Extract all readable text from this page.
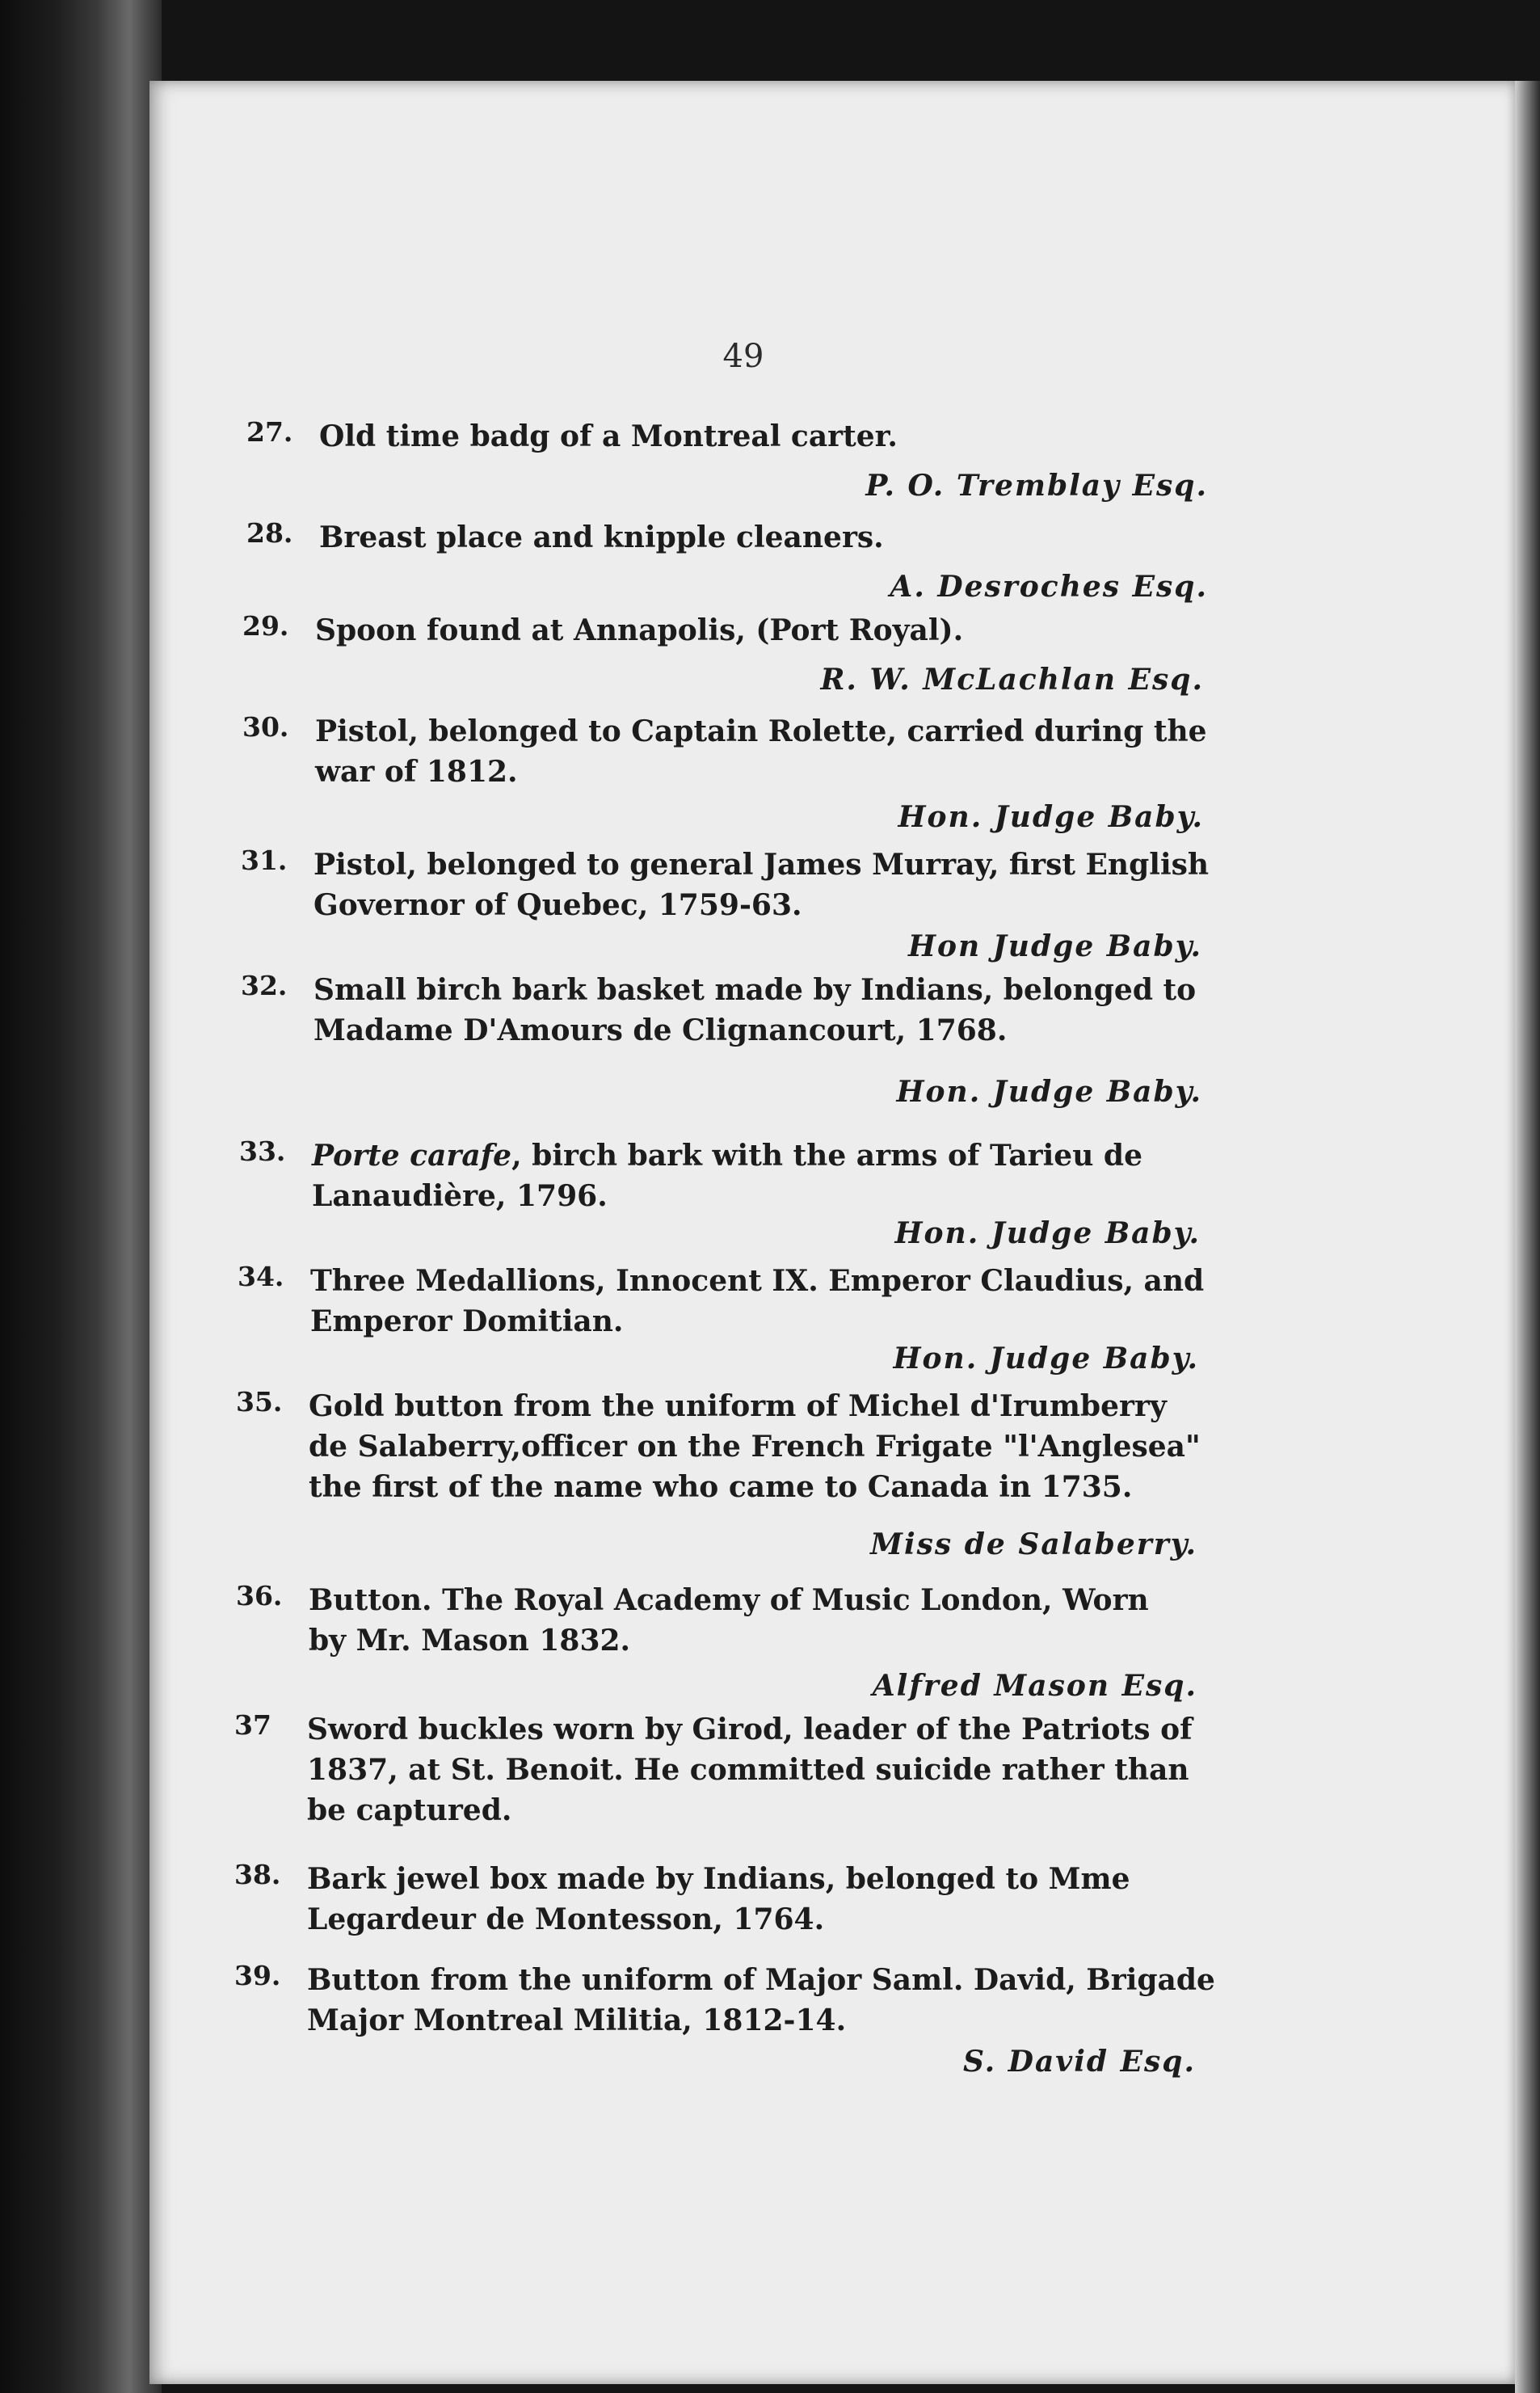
49
27. Old time badg of a Montreal carter.
P. O. Tremblay Esq.
28. Breast place and knipple cleaners.
A. Desroches Esq.
29. Spoon found at Annapolis, (Port Royal).
R. W. McLachlan Esq.
30. Pistol, belonged to Captain Rolette, carried during the
war of 1812.
Hon. Judge Baby.
31. Pistol, belonged to general James Murray, first English
Governor of Quebec, 1759-63.
Hon Judge Baby.
32. Small birch bark basket made by Indians, belonged to
Madame D'Amours de Clignancourt, 1768.
Hon. Judge Baby.
33. Porte carafe, birch bark with the arms of Tarieu de
Lanaudière, 1796.
Hon. Judge Baby.
34. Three Medallions, Innocent IX. Emperor Claudius, and
Emperor Domitian.
Hon. Judge Baby.
35. Gold button from the uniform of Michel d'Irumberry
de Salaberry,officer on the French Frigate "l'Anglesea"
the first of the name who came to Canada in 1735.
Miss de Salaberry.
36. Button. The Royal Academy of Music London, Worn
by Mr. Mason 1832.
Alfred Mason Esq.
37 Sword buckles worn by Girod, leader of the Patriots of
1837, at St. Benoit. He committed suicide rather than
be captured.
38. Bark jewel box made by Indians, belonged to Mme
Legardeur de Montesson, 1764.
39. Button from the uniform of Major Saml. David, Brigade
Major Montreal Militia, 1812-14.
S. David Esq.
